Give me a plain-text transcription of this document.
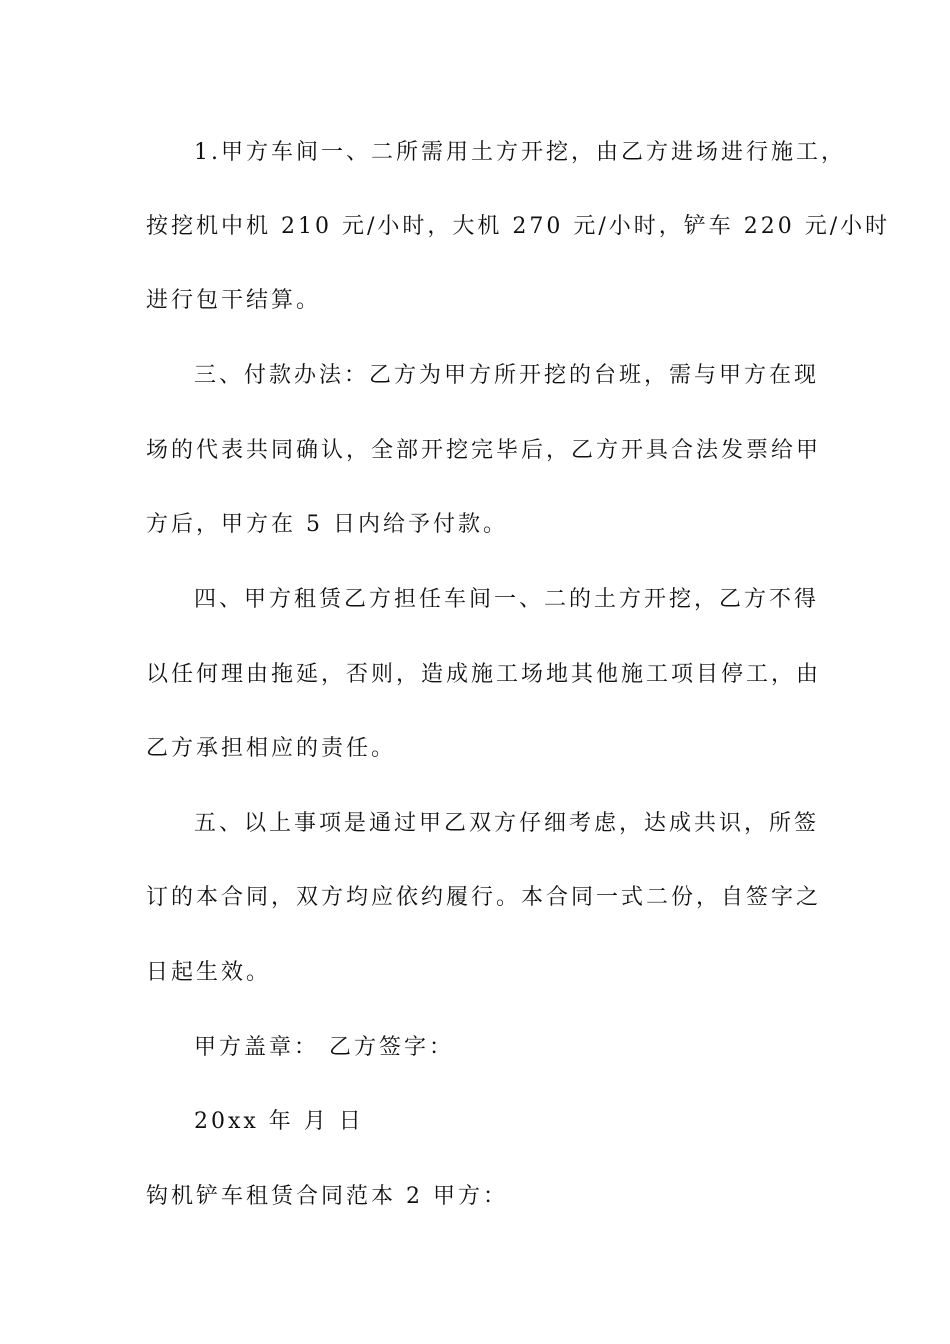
1.甲方车间一、二所需用土方开挖，由乙方进场进行施工，
按挖机中机 210 元/小时，大机 270 元/小时，铲车 220 元/小时
进行包干结算。
三、付款办法：乙方为甲方所开挖的台班，需与甲方在现
场的代表共同确认，全部开挖完毕后，乙方开具合法发票给甲
方后，甲方在 5 日内给予付款。
四、甲方租赁乙方担任车间一、二的土方开挖，乙方不得
以任何理由拖延，否则，造成施工场地其他施工项目停工，由
乙方承担相应的责任。
五、以上事项是通过甲乙双方仔细考虑，达成共识，所签
订的本合同，双方均应依约履行。本合同一式二份，自签字之
日起生效。
甲方盖章： 乙方签字：
20xx 年 月 日
钩机铲车租赁合同范本 2 甲方：
